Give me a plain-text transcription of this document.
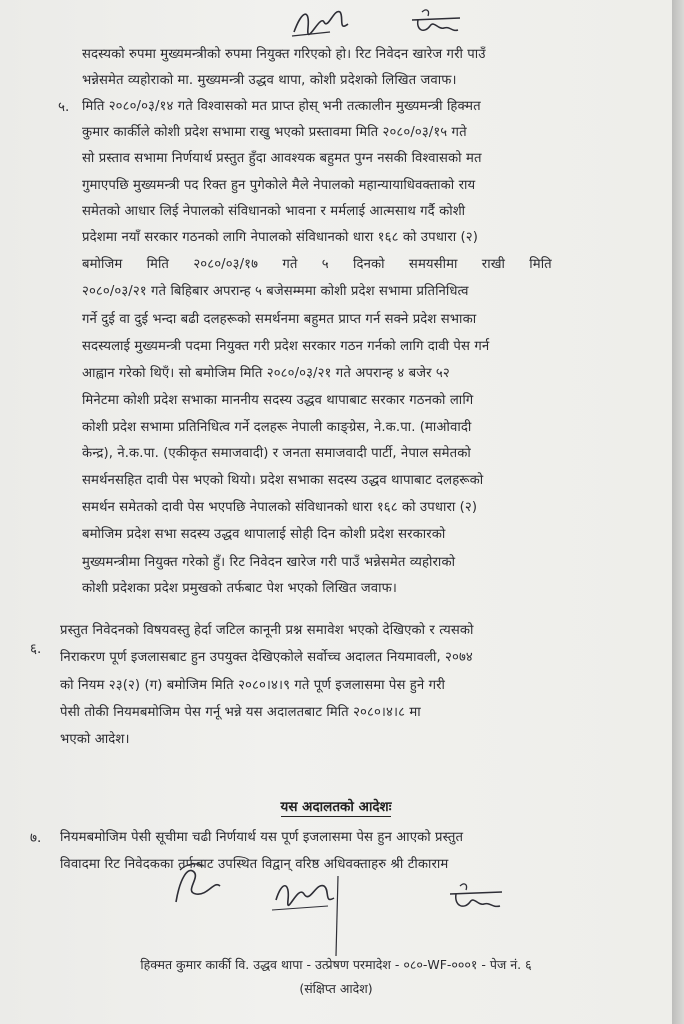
५.
६.
७.
सदस्यको रुपमा मुख्यमन्त्रीको रुपमा नियुक्त गरिएको हो। रिट निवेदन खारेज गरी पाउँ
भन्नेसमेत व्यहोराको मा. मुख्यमन्त्री उद्धव थापा, कोशी प्रदेशको लिखित जवाफ।
मिति २०८०/०३/१४ गते विश्वासको मत प्राप्त होस् भनी तत्कालीन मुख्यमन्त्री हिक्मत
कुमार कार्कीले कोशी प्रदेश सभामा राखु भएको प्रस्तावमा मिति २०८०/०३/१५ गते
सो प्रस्ताव सभामा निर्णयार्थ प्रस्तुत हुँदा आवश्यक बहुमत पुग्न नसकी विश्वासको मत
गुमाएपछि मुख्यमन्त्री पद रिक्त हुन पुगेकोले मैले नेपालको महान्यायाधिवक्ताको राय
समेतको आधार लिई नेपालको संविधानको भावना र मर्मलाई आत्मसाथ गर्दै कोशी
प्रदेशमा नयाँ सरकार गठनको लागि नेपालको संविधानको धारा १६८ को उपधारा (२)
बमोजिम मिति २०८०/०३/१७ गते ५ दिनको समयसीमा राखी मिति
२०८०/०३/२१ गते बिहिबार अपरान्ह ५ बजेसम्ममा कोशी प्रदेश सभामा प्रतिनिधित्व
गर्ने दुई वा दुई भन्दा बढी दलहरूको समर्थनमा बहुमत प्राप्त गर्न सक्ने प्रदेश सभाका
सदस्यलाई मुख्यमन्त्री पदमा नियुक्त गरी प्रदेश सरकार गठन गर्नको लागि दावी पेस गर्न
आह्वान गरेको थिएँ। सो बमोजिम मिति २०८०/०३/२१ गते अपरान्ह ४ बजेर ५२
मिनेटमा कोशी प्रदेश सभाका माननीय सदस्य उद्धव थापाबाट सरकार गठनको लागि
कोशी प्रदेश सभामा प्रतिनिधित्व गर्ने दलहरू नेपाली काङ्ग्रेस, ने.क.पा. (माओवादी
केन्द्र), ने.क.पा. (एकीकृत समाजवादी) र जनता समाजवादी पार्टी, नेपाल समेतको
समर्थनसहित दावी पेस भएको थियो। प्रदेश सभाका सदस्य उद्धव थापाबाट दलहरूको
समर्थन समेतको दावी पेस भएपछि नेपालको संविधानको धारा १६८ को उपधारा (२)
बमोजिम प्रदेश सभा सदस्य उद्धव थापालाई सोही दिन कोशी प्रदेश सरकारको
मुख्यमन्त्रीमा नियुक्त गरेको हुँ। रिट निवेदन खारेज गरी पाउँ भन्नेसमेत व्यहोराको
कोशी प्रदेशका प्रदेश प्रमुखको तर्फबाट पेश भएको लिखित जवाफ।
प्रस्तुत निवेदनको विषयवस्तु हेर्दा जटिल कानूनी प्रश्न समावेश भएको देखिएको र त्यसको
निराकरण पूर्ण इजलासबाट हुन उपयुक्त देखिएकोले सर्वोच्च अदालत नियमावली, २०७४
को नियम २३(२) (ग) बमोजिम मिति २०८०।४।९ गते पूर्ण इजलासमा पेस हुने गरी
पेसी तोकी नियमबमोजिम पेस गर्नू भन्ने यस अदालतबाट मिति २०८०।४।८ मा
भएको आदेश।
यस अदालतको आदेशः
नियमबमोजिम पेसी सूचीमा चढी निर्णयार्थ यस पूर्ण इजलासमा पेस हुन आएको प्रस्तुत
विवादमा रिट निवेदकका तर्फबाट उपस्थित विद्वान् वरिष्ठ अधिवक्ताहरु श्री टीकाराम
हिक्मत कुमार कार्की वि. उद्धव थापा - उत्प्रेषण परमादेश - ०८०-WF-०००१ - पेज नं. ६
(संक्षिप्त आदेश)
